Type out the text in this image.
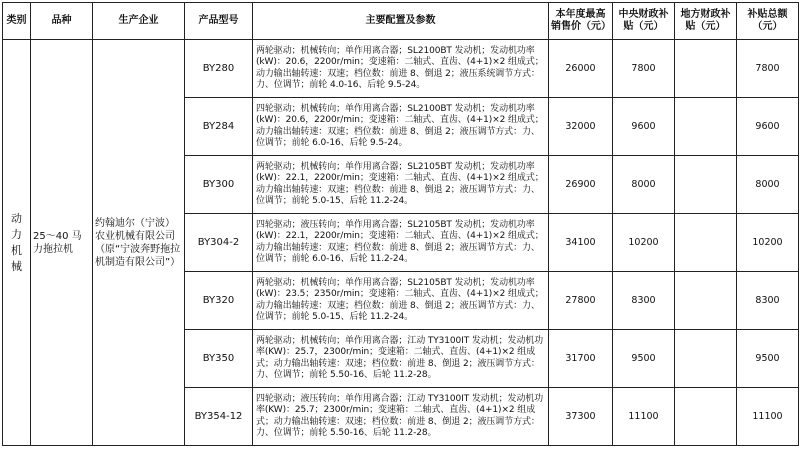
类别	品种	生产企业	产品型号	主要配置及参数	本年度最高销售价（元）	中央财政补贴（元）	地方财政补贴（元）	补贴总额（元）
动力机械	25～40 马力拖拉机	约翰迪尔（宁波）农业机械有限公司（原“宁波奔野拖拉机制造有限公司”）	BY280	两轮驱动；机械转向；单作用离合器；SL2100BT 发动机；发动机功率(kW)：20.6，2200r/min；变速箱：二轴式、直齿、(4+1)×2 组成式；动力输出轴转速：双速；档位数：前进 8、倒退 2；液压系统调节方式：力、位调节；前轮 4.0-16、后轮 9.5-24。	26000	7800		7800
			BY284	四轮驱动；机械转向；单作用离合器；SL2100BT 发动机；发动机功率(kW)：20.6，2200r/min；变速箱：二轴式、直齿、(4+1)×2 组成式；动力输出轴转速：双速；档位数：前进 8、倒退 2；液压调节方式：力、位调节；前轮 6.0-16、后轮 9.5-24。	32000	9600		9600
			BY300	两轮驱动；机械转向；单作用离合器；SL2105BT 发动机；发动机功率(kW)：22.1，2200r/min；变速箱：二轴式、直齿、(4+1)×2 组成式；动力输出轴转速：双速；档位数：前进 8、倒退 2；液压调节方式：力、位调节；前轮 5.0-15、后轮 11.2-24。	26900	8000		8000
			BY304-2	四轮驱动；液压转向；单作用离合器；SL2105BT 发动机；发动机功率(kW)：22.1，2200r/min；变速箱：二轴式、直齿、(4+1)×2 组成式；动力输出轴转速：双速；档位数：前进 8、倒退 2；液压调节方式：力、位调节；前轮 6.0-16、后轮 11.2-24。	34100	10200		10200
			BY320	两轮驱动；机械转向；单作用离合器；SL2105BT 发动机；发动机功率(kW)：23.5；2350r/min；变速箱：二轴式、直齿、(4+1)×2 组成式；动力输出轴转速：双速；档位数：前进 8、倒退 2；液压调节方式：力、位调节；前轮 5.0-15、后轮 11.2-24。	27800	8300		8300
			BY350	两轮驱动；机械转向；单作用离合器；江动 TY3100IT 发动机；发动机功率(KW)：25.7，2300r/min；变速箱：二轴式、直齿、(4+1)×2 组成式；动力输出轴转速：双速；档位数：前进 8、倒退 2；液压调节方式：力、位调节；前轮 5.50-16、后轮 11.2-28。	31700	9500		9500
			BY354-12	四轮驱动；液压转向；单作用离合器；江动 TY3100IT 发动机；发动机功率(KW)：25.7；2300r/min；变速箱：二轴式、直齿、(4+1)×2 组成式；动力输出轴转速：双速；档位数：前进 8、倒退 2；液压调节方式：力、位调节；前轮 5.50-16、后轮 11.2-28。	37300	11100		11100
